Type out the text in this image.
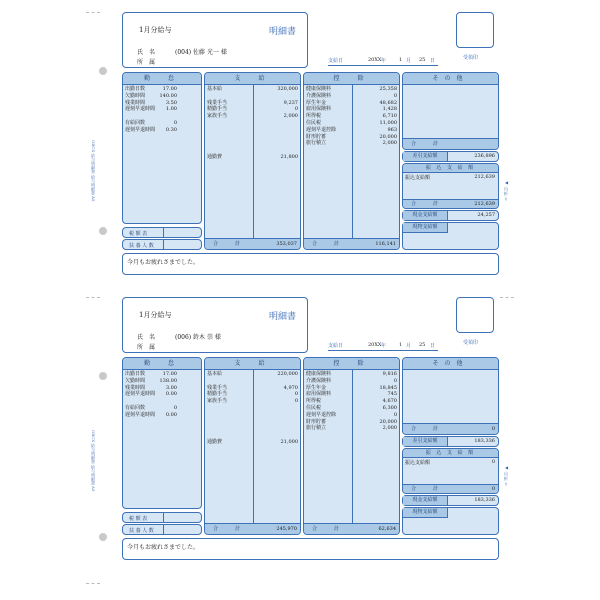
OBCX 給与明細書 給与明細書 A5
OBCX 給与明細書 給与明細書 A5
◀ 山 折 り
◀ 山 折 り
1月分給与	明細書
氏　名	(004) 佐藤 光一 様
所　属	支給日	20XX 年	1 月 25 日	受領印
勤　怠
出勤日数	17.00
欠勤時間	140.00
残業時間	3.50
遅刻早退時間 1.00
有給回数	0
遅刻早退時間 0.30
税 額 表
扶 養 人 数
支　給
基本給	320,000
残業手当	9,237
精勤手当	0
家族手当	2,000
通勤費	21,800
合　計	353,037
控　除
健康保険料	25,358
介護保険料	0
厚生年金	48,682
雇用保険料	1,428
所得税	6,710
住民税	11,000
遅刻早退控除	963
財形貯蓄	20,000
旅行積立	2,000
合　計	116,141
その他
合　計
差引支給額	236,896
振 込 支 給 額
振込支給額	212,639
合　計	212,639
現金支給額	24,257
現物支給額
今月もお疲れさまでした。
1月分給与	明細書
氏　名	(006) 鈴木 崇 様
所　属	支給日	20XX 年	1 月 25 日	受領印
勤　怠
出勤日数	17.00
欠勤時間	138.00
残業時間	3.00
遅刻早退時間 0.00
有給回数	0
遅刻早退時間 0.00
税 額 表
扶 養 人 数
支　給
基本給	220,000
残業手当	4,970
精勤手当	0
家族手当	0
通勤費	21,000
合　計	245,970
控　除
健康保険料	9,816
介護保険料	0
厚生年金	18,845
雇用保険料	745
所得税	4,670
住民税	6,300
遅刻早退控除	0
財形貯蓄	20,000
旅行積立	2,000
合　計	62,634
その他
合　計	0
差引支給額	183,336
振 込 支 給 額
振込支給額	0
合　計	0
現金支給額	183,336
現物支給額
今月もお疲れさまでした。
